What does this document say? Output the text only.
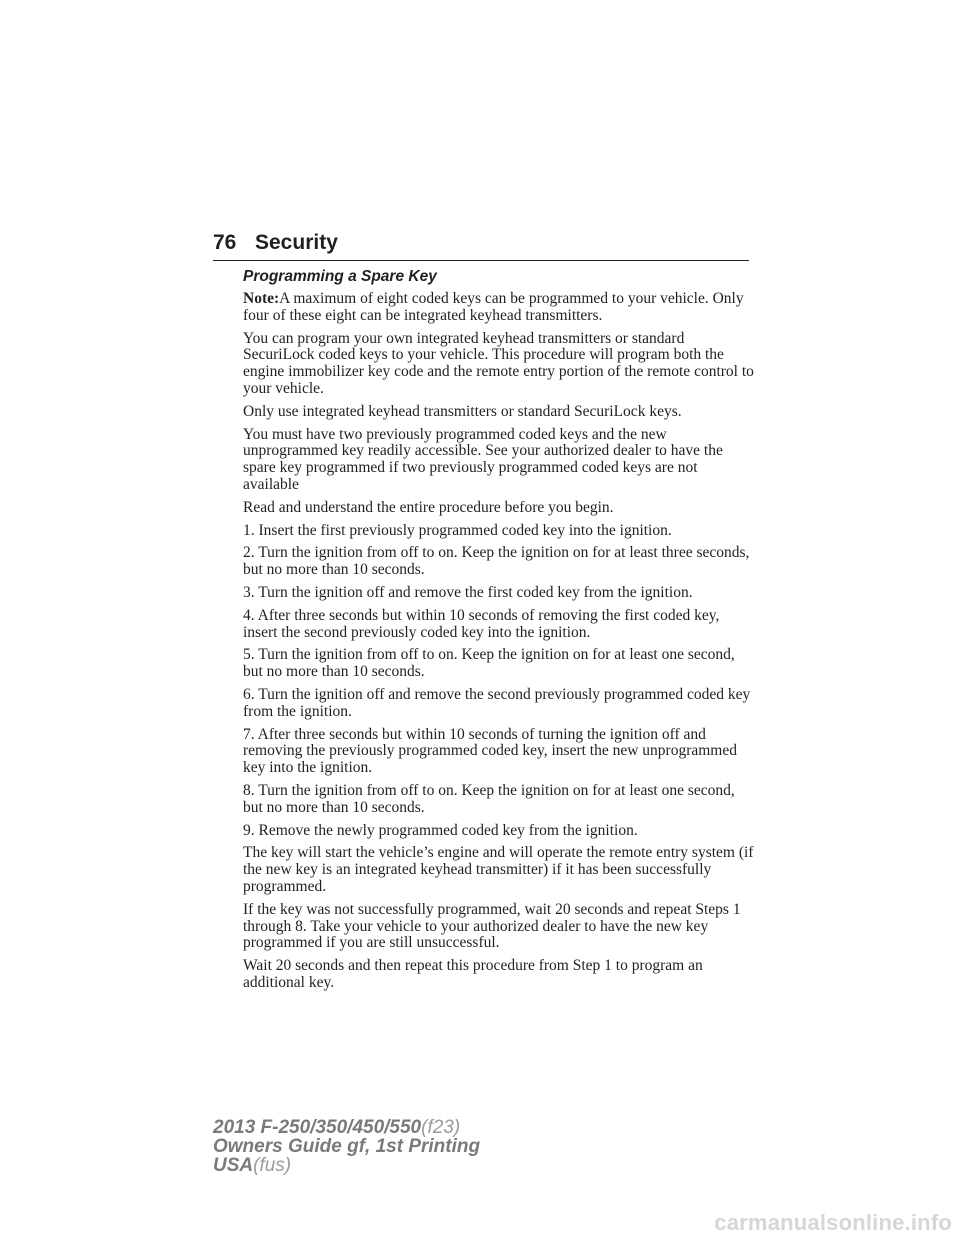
76 Security
Programming a Spare Key

Note:A maximum of eight coded keys can be programmed to your vehicle. Only four of these eight can be integrated keyhead transmitters.

You can program your own integrated keyhead transmitters or standard SecuriLock coded keys to your vehicle. This procedure will program both the engine immobilizer key code and the remote entry portion of the remote control to your vehicle.

Only use integrated keyhead transmitters or standard SecuriLock keys.

You must have two previously programmed coded keys and the new unprogrammed key readily accessible. See your authorized dealer to have the spare key programmed if two previously programmed coded keys are not available

Read and understand the entire procedure before you begin.

1. Insert the first previously programmed coded key into the ignition.

2. Turn the ignition from off to on. Keep the ignition on for at least three seconds, but no more than 10 seconds.

3. Turn the ignition off and remove the first coded key from the ignition.

4. After three seconds but within 10 seconds of removing the first coded key, insert the second previously coded key into the ignition.

5. Turn the ignition from off to on. Keep the ignition on for at least one second, but no more than 10 seconds.

6. Turn the ignition off and remove the second previously programmed coded key from the ignition.

7. After three seconds but within 10 seconds of turning the ignition off and removing the previously programmed coded key, insert the new unprogrammed key into the ignition.

8. Turn the ignition from off to on. Keep the ignition on for at least one second, but no more than 10 seconds.

9. Remove the newly programmed coded key from the ignition.

The key will start the vehicle’s engine and will operate the remote entry system (if the new key is an integrated keyhead transmitter) if it has been successfully programmed.

If the key was not successfully programmed, wait 20 seconds and repeat Steps 1 through 8. Take your vehicle to your authorized dealer to have the new key programmed if you are still unsuccessful.

Wait 20 seconds and then repeat this procedure from Step 1 to program an additional key.

2013 F-250/350/450/550(f23)
Owners Guide gf, 1st Printing
USA(fus)
carmanualsonline.info
